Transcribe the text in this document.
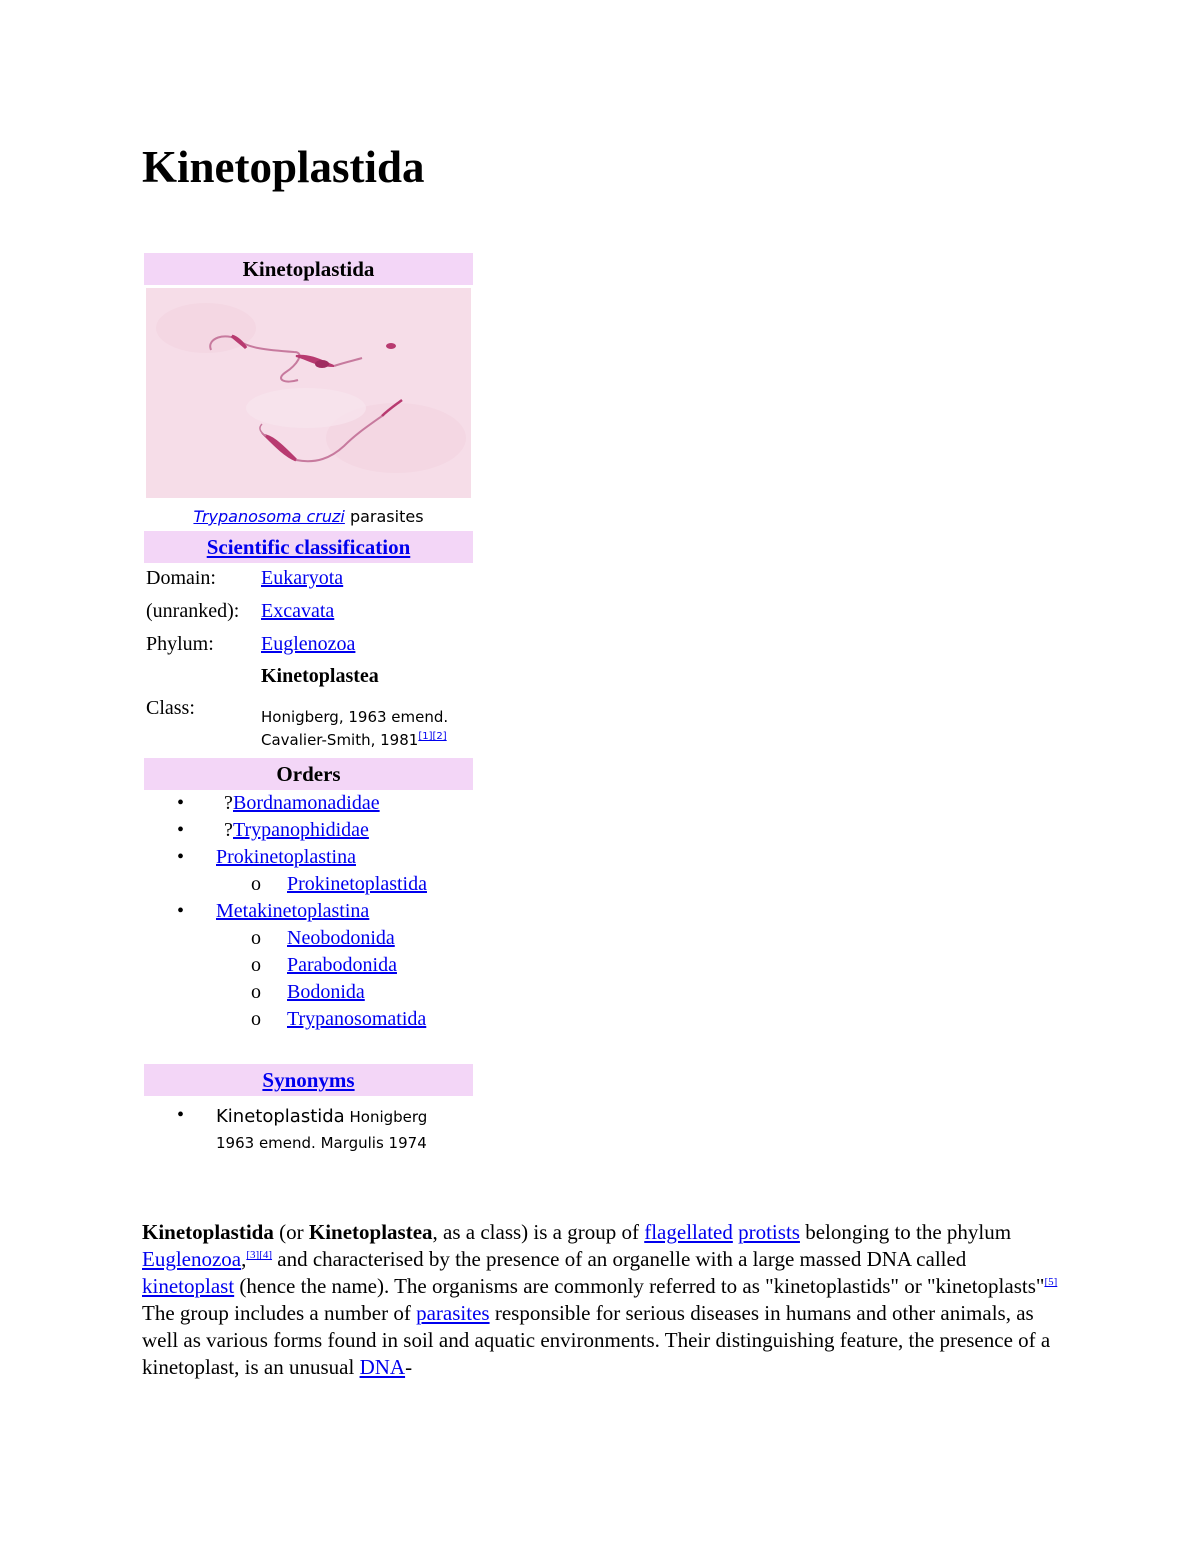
Kinetoplastida
Kinetoplastida
Trypanosoma cruzi parasites
Scientific classification
Domain: Eukaryota
(unranked): Excavata
Phylum: Euglenozoa
Kinetoplastea
Class:	Honigberg, 1963 emend.
Cavalier-Smith, 1981[1][2]
Orders
• ? Bordnamonadidae
• ? Trypanophididae
• Prokinetoplastina
o Prokinetoplastida
• Metakinetoplastina
o Neobodonida
o Parabodonida
o Bodonida
o Trypanosomatida
Synonyms
• Kinetoplastida Honigberg
1963 emend. Margulis 1974

Kinetoplastida (or Kinetoplastea, as a class) is a group of flagellated protists belonging to the phylum Euglenozoa,[3][4] and characterised by the presence of an organelle with a large massed DNA called kinetoplast (hence the name). The organisms are commonly referred to as "kinetoplastids" or "kinetoplasts"[5] The group includes a number of parasites responsible for serious diseases in humans and other animals, as well as various forms found in soil and aquatic environments. Their distinguishing feature, the presence of a kinetoplast, is an unusual DNA-
